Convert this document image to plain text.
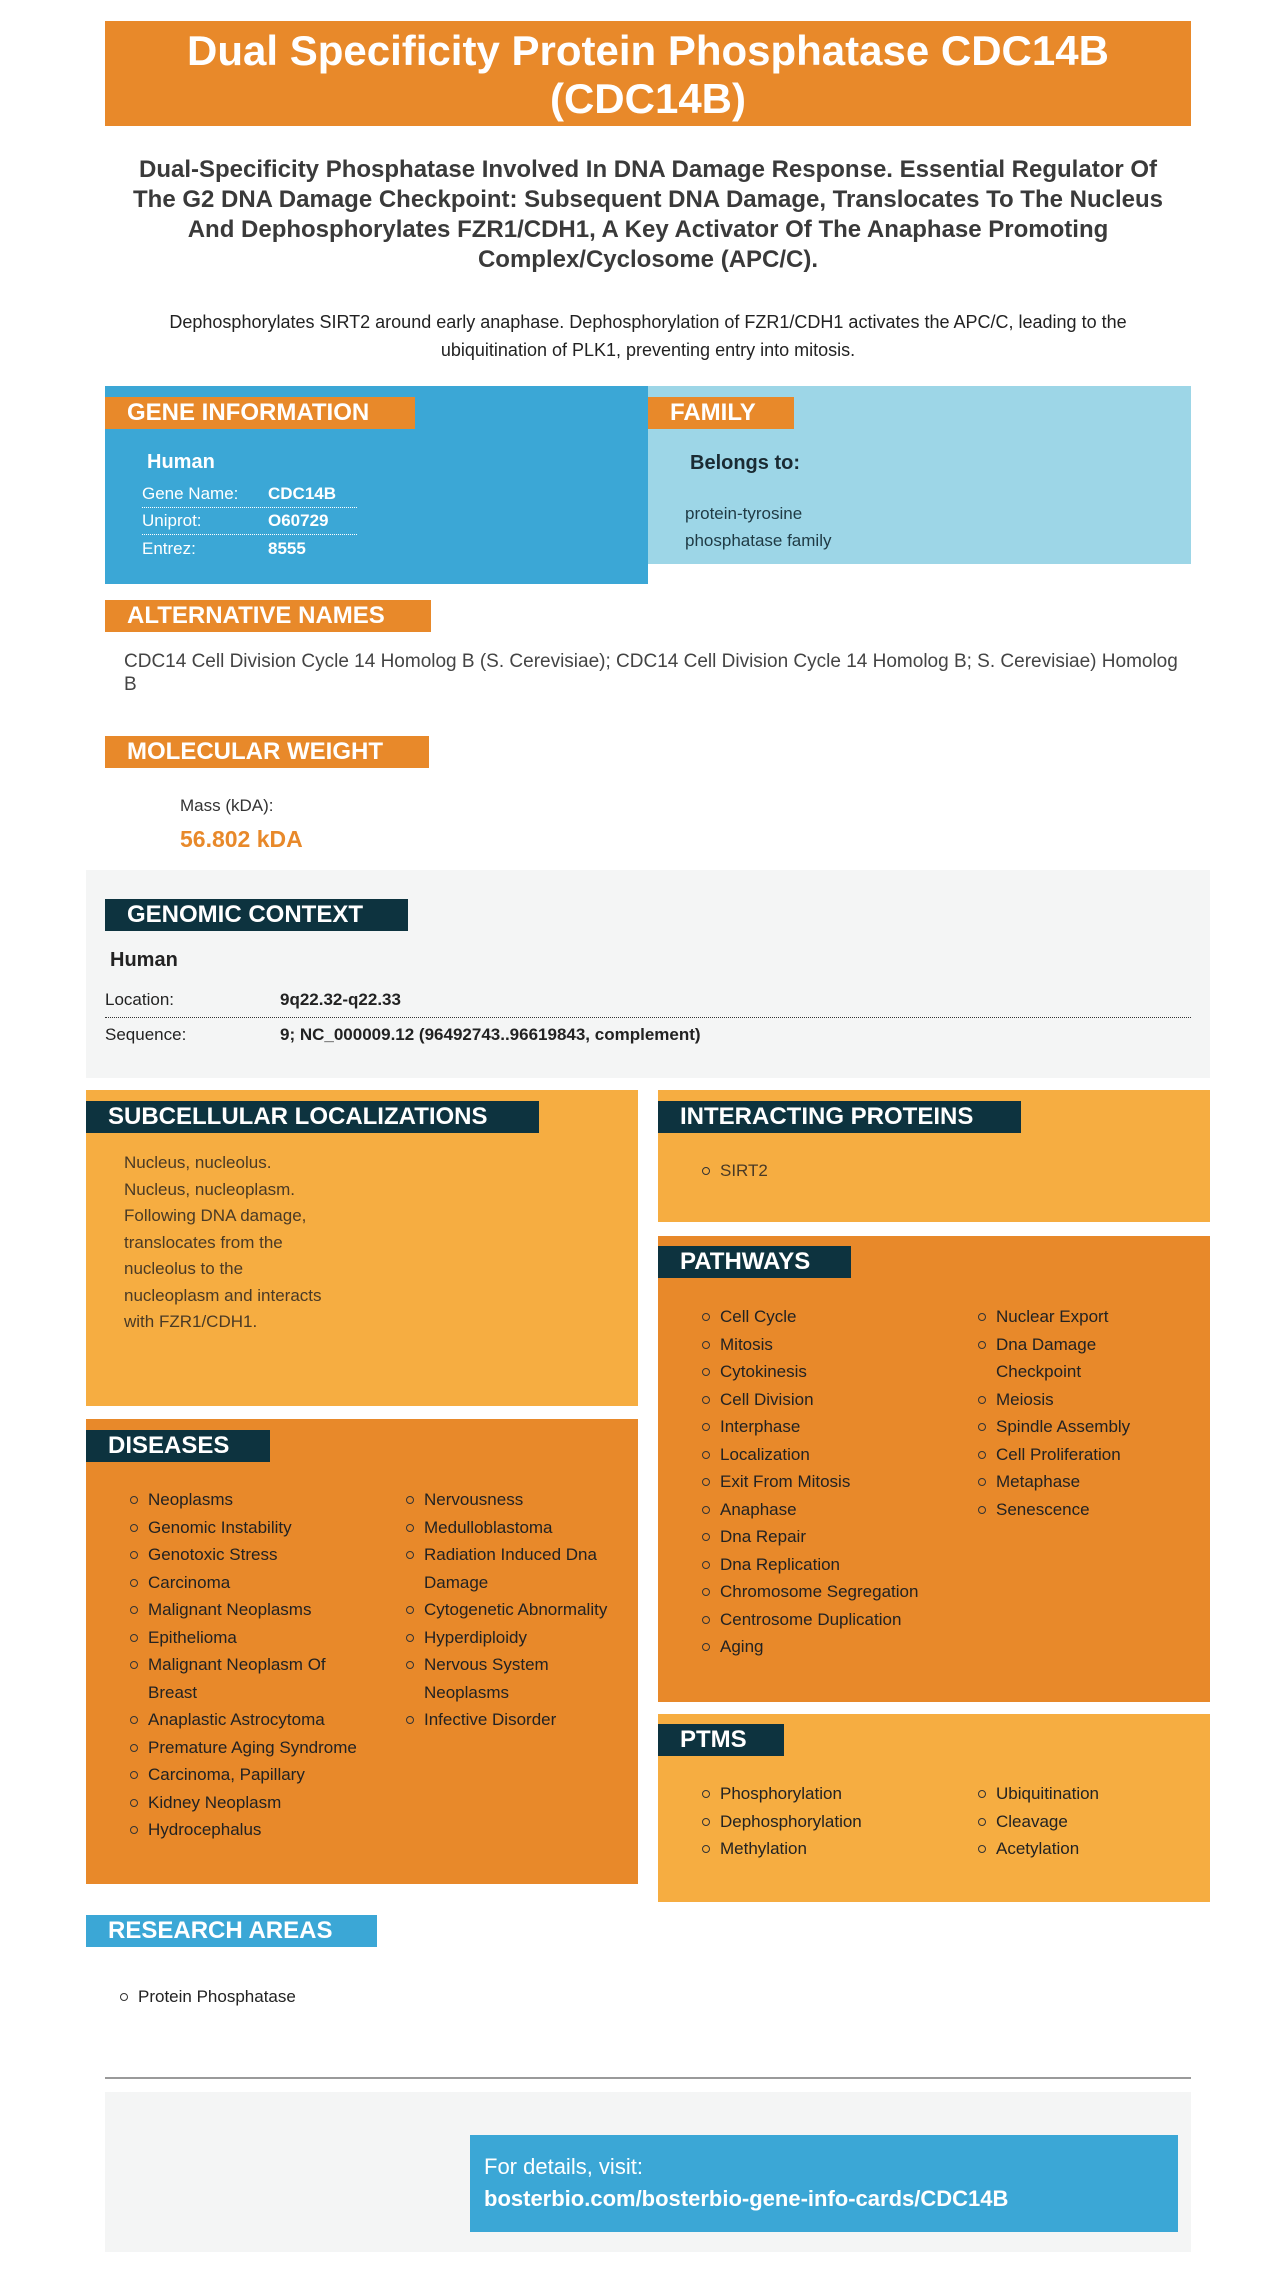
Dual Specificity Protein Phosphatase CDC14B (CDC14B)
Dual-Specificity Phosphatase Involved In DNA Damage Response. Essential Regulator Of The G2 DNA Damage Checkpoint: Subsequent DNA Damage, Translocates To The Nucleus And Dephosphorylates FZR1/CDH1, A Key Activator Of The Anaphase Promoting Complex/Cyclosome (APC/C).
Dephosphorylates SIRT2 around early anaphase. Dephosphorylation of FZR1/CDH1 activates the APC/C, leading to the ubiquitination of PLK1, preventing entry into mitosis.
GENE INFORMATION
Human
Gene Name: CDC14B
Uniprot:	O60729
Entrez:	8555
FAMILY
Belongs to:
protein-tyrosine phosphatase family
ALTERNATIVE NAMES
CDC14 Cell Division Cycle 14 Homolog B (S. Cerevisiae); CDC14 Cell Division Cycle 14 Homolog B; S. Cerevisiae) Homolog B
MOLECULAR WEIGHT
Mass (kDA):
56.802 kDA
GENOMIC CONTEXT
Human
Location:	9q22.32-q22.33
Sequence:	9; NC_000009.12 (96492743..96619843, complement)
SUBCELLULAR LOCALIZATIONS
Nucleus, nucleolus. Nucleus, nucleoplasm. Following DNA damage, translocates from the nucleolus to the nucleoplasm and interacts with FZR1/CDH1.
INTERACTING PROTEINS
SIRT2
PATHWAYS
Cell Cycle
Mitosis
Cytokinesis
Cell Division
Interphase
Localization
Exit From Mitosis
Anaphase
Dna Repair
Dna Replication
Chromosome Segregation
Centrosome Duplication
Aging
Nuclear Export
Dna Damage Checkpoint
Meiosis
Spindle Assembly
Cell Proliferation
Metaphase
Senescence
DISEASES
Neoplasms
Genomic Instability
Genotoxic Stress
Carcinoma
Malignant Neoplasms
Epithelioma
Malignant Neoplasm Of Breast
Anaplastic Astrocytoma
Premature Aging Syndrome
Carcinoma, Papillary
Kidney Neoplasm
Hydrocephalus
Nervousness
Medulloblastoma
Radiation Induced Dna Damage
Cytogenetic Abnormality
Hyperdiploidy
Nervous System Neoplasms
Infective Disorder
PTMS
Phosphorylation
Dephosphorylation
Methylation
Ubiquitination
Cleavage
Acetylation
RESEARCH AREAS
Protein Phosphatase
For details, visit:
bosterbio.com/bosterbio-gene-info-cards/CDC14B
